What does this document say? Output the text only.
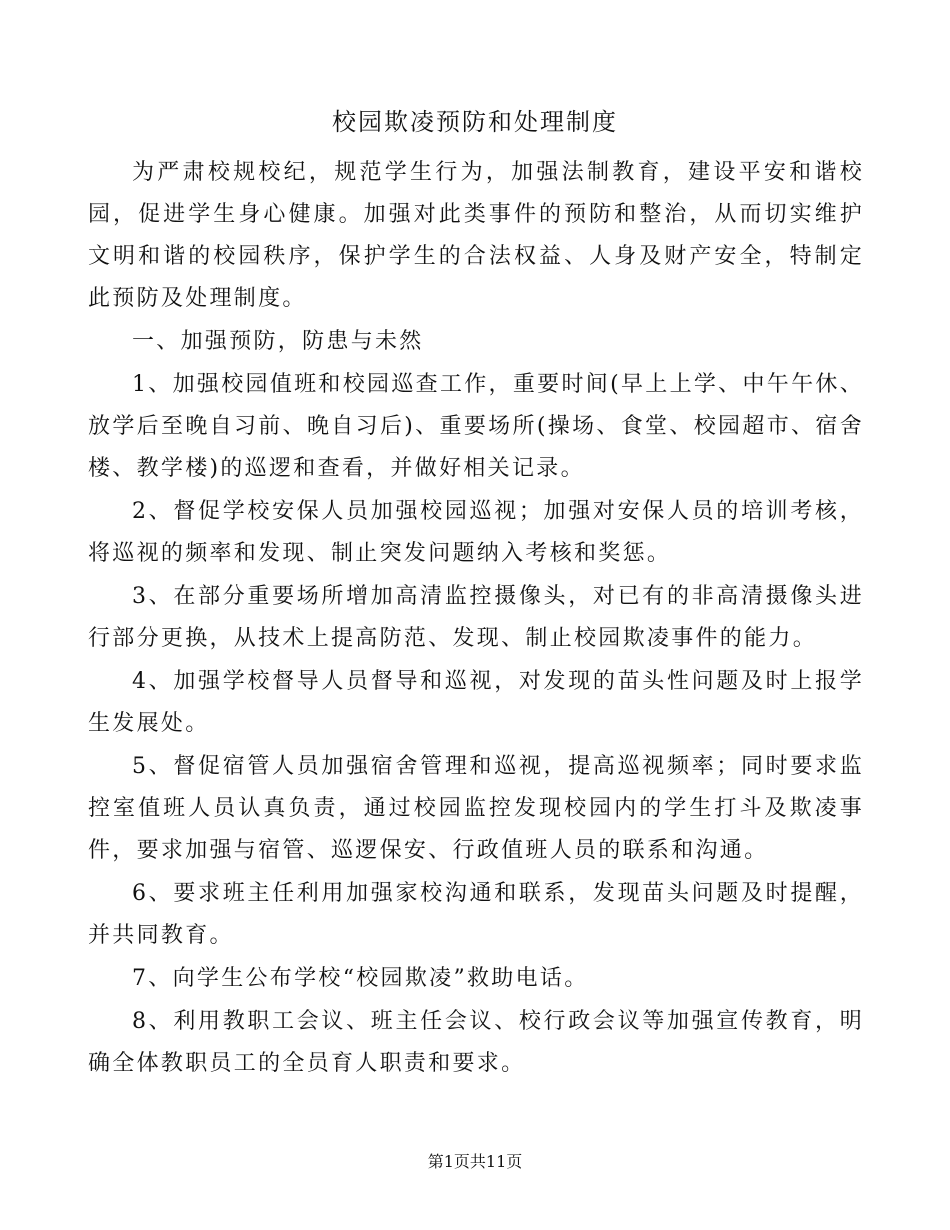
校园欺凌预防和处理制度

为严肃校规校纪，规范学生行为，加强法制教育，建设平安和谐校园，促进学生身心健康。加强对此类事件的预防和整治，从而切实维护文明和谐的校园秩序，保护学生的合法权益、人身及财产安全，特制定此预防及处理制度。

一、加强预防，防患与未然

1、加强校园值班和校园巡查工作，重要时间(早上上学、中午午休、放学后至晚自习前、晚自习后)、重要场所(操场、食堂、校园超市、宿舍楼、教学楼)的巡逻和查看，并做好相关记录。

2、督促学校安保人员加强校园巡视；加强对安保人员的培训考核，将巡视的频率和发现、制止突发问题纳入考核和奖惩。

3、在部分重要场所增加高清监控摄像头，对已有的非高清摄像头进行部分更换，从技术上提高防范、发现、制止校园欺凌事件的能力。

4、加强学校督导人员督导和巡视，对发现的苗头性问题及时上报学生发展处。

5、督促宿管人员加强宿舍管理和巡视，提高巡视频率；同时要求监控室值班人员认真负责，通过校园监控发现校园内的学生打斗及欺凌事件，要求加强与宿管、巡逻保安、行政值班人员的联系和沟通。

6、要求班主任利用加强家校沟通和联系，发现苗头问题及时提醒，并共同教育。

7、向学生公布学校“校园欺凌”救助电话。

8、利用教职工会议、班主任会议、校行政会议等加强宣传教育，明确全体教职员工的全员育人职责和要求。

第1页共11页
